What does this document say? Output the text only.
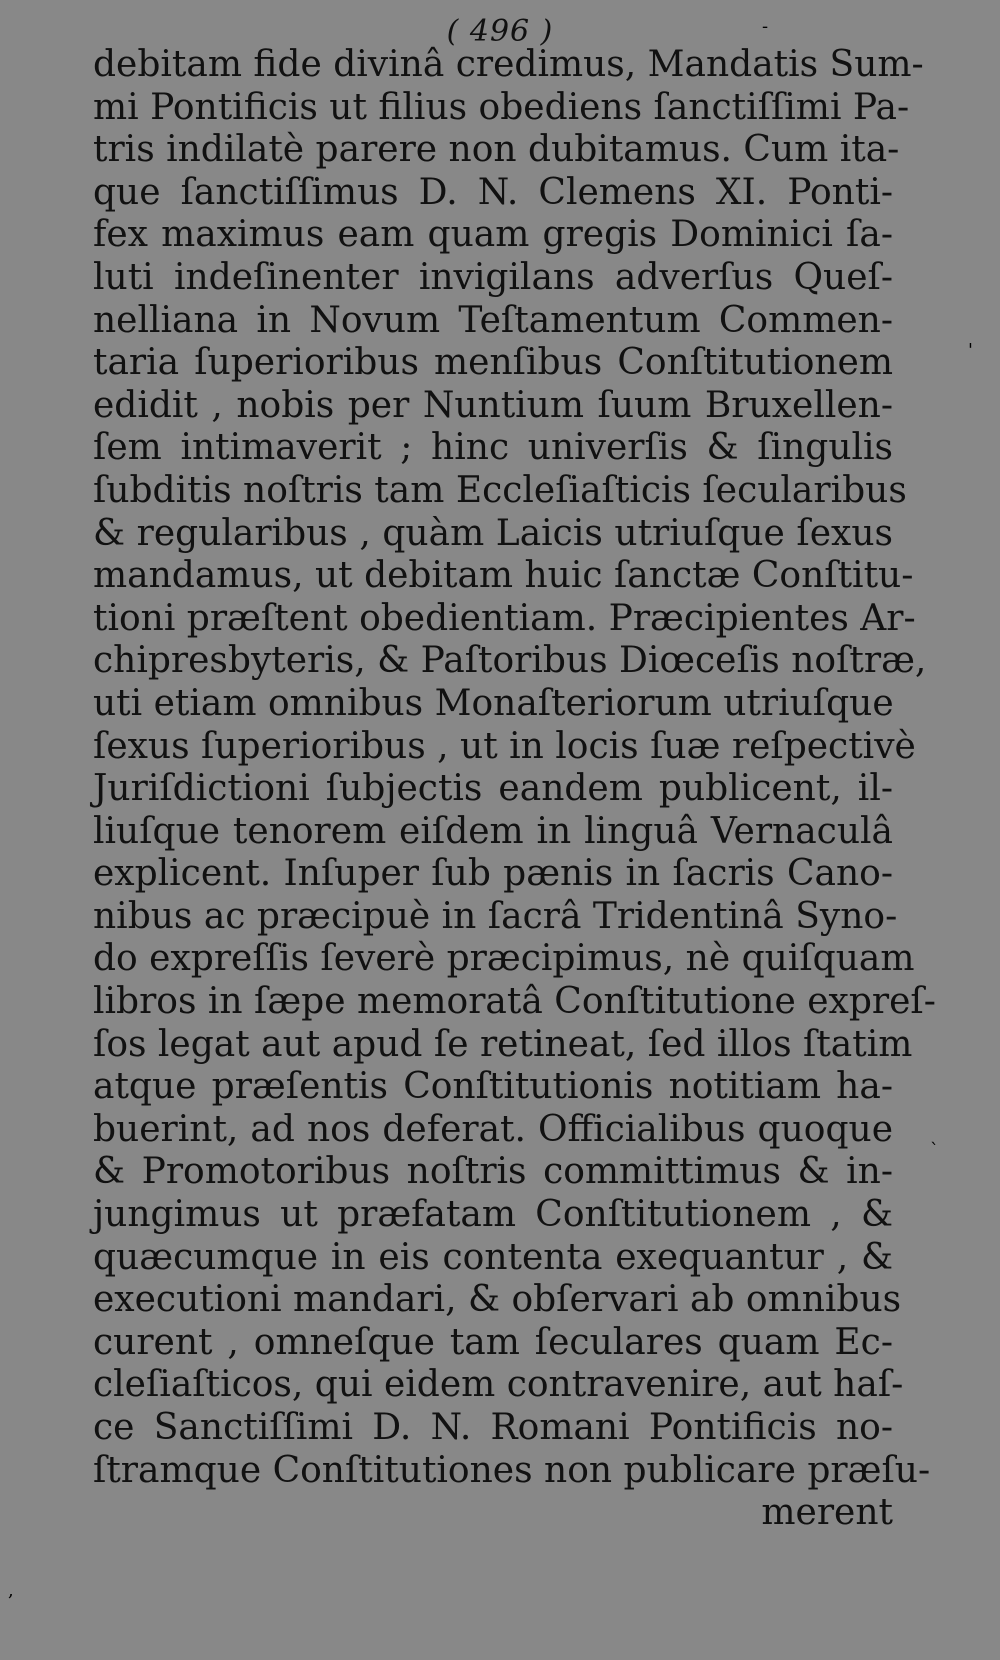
( 496 )
debitam fide divinâ credimus, Mandatis Sum-
mi Pontificis ut filius obediens ſanctiſſimi Pa-
tris indilatè parere non dubitamus. Cum ita-
que ſanctiſſimus D. N. Clemens XI. Ponti-
fex maximus eam quam gregis Dominici ſa-
luti indeſinenter invigilans adverſus Queſ-
nelliana in Novum Teſtamentum Commen-
taria ſuperioribus menſibus Conſtitutionem
edidit , nobis per Nuntium ſuum Bruxellen-
ſem intimaverit ; hinc univerſis & ſingulis
ſubditis noſtris tam Eccleſiaſticis ſecularibus
& regularibus , quàm Laicis utriuſque ſexus
mandamus, ut debitam huic ſanctæ Conſtitu-
tioni præſtent obedientiam. Præcipientes Ar-
chipresbyteris, & Paſtoribus Diœceſis noſtræ,
uti etiam omnibus Monaſteriorum utriuſque
ſexus ſuperioribus , ut in locis ſuæ reſpectivè
Juriſdictioni ſubjectis eandem publicent, il-
liuſque tenorem eiſdem in linguâ Vernaculâ
explicent. Inſuper ſub pænis in ſacris Cano-
nibus ac præcipuè in ſacrâ Tridentinâ Syno-
do expreſſis ſeverè præcipimus, nè quiſquam
libros in ſæpe memoratâ Conſtitutione expreſ-
ſos legat aut apud ſe retineat, ſed illos ſtatim
atque præſentis Conſtitutionis notitiam ha-
buerint, ad nos deferat. Officialibus quoque
& Promotoribus noſtris committimus & in-
jungimus ut præfatam Conſtitutionem , &
quæcumque in eis contenta exequantur , &
executioni mandari, & obſervari ab omnibus
curent , omneſque tam ſeculares quam Ec-
cleſiaſticos, qui eidem contravenire, aut haſ-
ce Sanctiſſimi D. N. Romani Pontificis no-
ſtramque Conſtitutiones non publicare præſu-
merent
'
`
,
-
